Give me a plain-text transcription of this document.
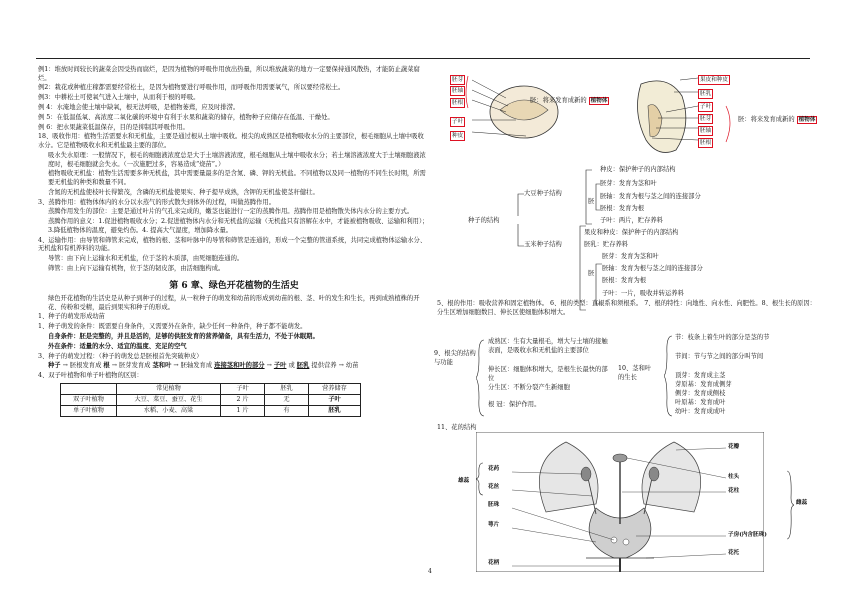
例1：堆放时间较长的蔬菜会因受热而腐烂，是因为植物的呼吸作用放出热量，所以堆放蔬菜的地方一定要保持通风散热，才能防止蔬菜腐烂。

例2：栽花或种植庄稼都需要经常松土，是因为植物要进行呼吸作用，而呼吸作用需要氧气，所以要经常松土。

例3：中耕松土可使氧气进入土壤中，从而利于根的呼吸。

例 4：水淹地会使土壤中缺氧，根无法呼吸，是植物萎蔫，应及时排涝。

例 5：在低温低氧、高浓度二氧化碳的环境中有利于水果和蔬菜的储存，植物种子应储存在低温、干燥处。

例 6：把水果蔬菜低温保存，目的是抑制其呼吸作用。

18、吸收作用：植物生活需要水和无机盐，主要是通过根从土壤中吸收。根尖的成熟区是植物吸收水分的主要部位，根毛细胞从土壤中吸收水分。它是植物吸收水和无机盐最主要的部位。

吸水失水原理：一般情况下，根毛的细胞液浓度总是大于土壤溶液浓度，根毛细胞从土壤中吸收水分；若土壤溶液浓度大于土壤细胞液浓度时，根毛细胞就会失水。（一次施肥过多，容易造成“烧苗”。）

植物吸收无机盐：植物生活需要多种无机盐，其中需要量最多的是含氮、磷、钾的无机盐。不同植物以及同一植物的不同生长时期，所需要无机盐的种类和数量不同。

含氮的无机盐使枝叶长得繁茂，含磷的无机盐使果实、种子提早成熟，含钾的无机盐使茎秆健壮。

3、蒸腾作用：植物体体内的水分以水蒸气的形式散失到体外的过程，叫做蒸腾作用。

蒸腾作用发生的部位：主要是通过叶片的气孔来完成的，嫩茎也能进行一定的蒸腾作用。蒸腾作用是植物散失体内水分的主要方式。

蒸腾作用的意义：1.促进植物吸收水分；2.促进植物体内水分和无机盐的运输（无机盐只有溶解在水中，才能被植物吸收、运输和利用）；3.降低植物体的温度，避免灼伤。4. 提高大气湿度，增加降水量。

4、运输作用：由导管和筛管来完成，植物的根、茎和叶脉中的导管和筛管是连通的，形成一个完整的管道系统，共同完成植物体运输水分、无机盐和有机养料的功能。

导管：由下向上运输水和无机盐，位于茎的木质部，由死细胞连通的。

筛管：由上向下运输有机物，位于茎的韧皮部，由活细胞构成。

第 6 章、绿色开花植物的生活史

绿色开花植物的生活史是从种子到种子的过程，从一粒种子的萌发和幼苗的形成到幼苗的根、茎、叶的发生和生长，再到成熟植株的开花、传粉和受精，最后到果实和种子的形成。

1、种子的萌发形成幼苗

1、种子萌发的条件：既需要自身条件，又需要外在条件，缺少任何一种条件，种子都不能萌发。

自身条件：胚是完整的，并且是活的，足够的供胚发育的营养储备，具有生活力，不处于休眠期。

外在条件：适量的水分、适宜的温度、充足的空气

3、种子的萌发过程：（种子的萌发总是胚根首先突破种皮）

种子 → 胚根发育成 根 → 胚芽发育成 茎和叶 → 胚轴发育成 连接茎和叶的部分 → 子叶 或 胚乳 提供营养 → 幼苗

4、双子叶植物和单子叶植物的区别：

	常见植物	子叶	胚乳	营养储存
双子叶植物	大豆、菜豆、蚕豆、花生	2 片	无	子叶
单子叶植物	水稻、小麦、高粱	1 片	有	胚乳
4
胚芽
胚轴
胚根
子叶
种皮
胚：将来发育成新的 植物体
果皮和种皮
胚乳
子叶
胚芽
胚轴
胚根
胚：将来发育成新的 植物体
种子的结构
大豆种子结构
玉米种子结构
种皮：保护种子的内部结构
胚芽：发育为茎和叶
胚轴：发育为根与茎之间的连接部分
胚根：发育为根
子叶：两片，贮存养料
胚
果皮和种皮：保护种子的内部结构
胚乳：贮存养料
胚芽：发育为茎和叶
胚轴：发育为根与茎之间的连接部分
胚根：发育为根
子叶：一片，吸收并转运养料
胚
5、根的作用：吸收营养和固定植物体。 6、根的类型：直根系和须根系。 7、根的特性：向地性、向水性、向肥性。8、根生长的原因：分生区增加细胞数目、伸长区使细胞体积增大。
9、根尖的结构与功能
成熟区：生有大量根毛，增大与土壤的接触表面，是吸收水和无机盐的主要部位
伸长区：细胞体积增大，是根生长最快的部位
分生区：不断分裂产生新细胞
根 冠：保护作用。
10、茎和叶的生长
节：枝条上着生叶的部分是茎的节
节间：节与节之间的部分叫节间
顶芽：发育成主茎
芽原基：发育成侧芽
侧芽：发育成侧枝
叶原基：发育成叶
幼叶：发育成成叶
11、花的结构
花药
花丝
花瓣
柱头
花柱
胚珠
萼片
子房(内含胚珠)
花托
花柄
雄蕊
雌蕊
